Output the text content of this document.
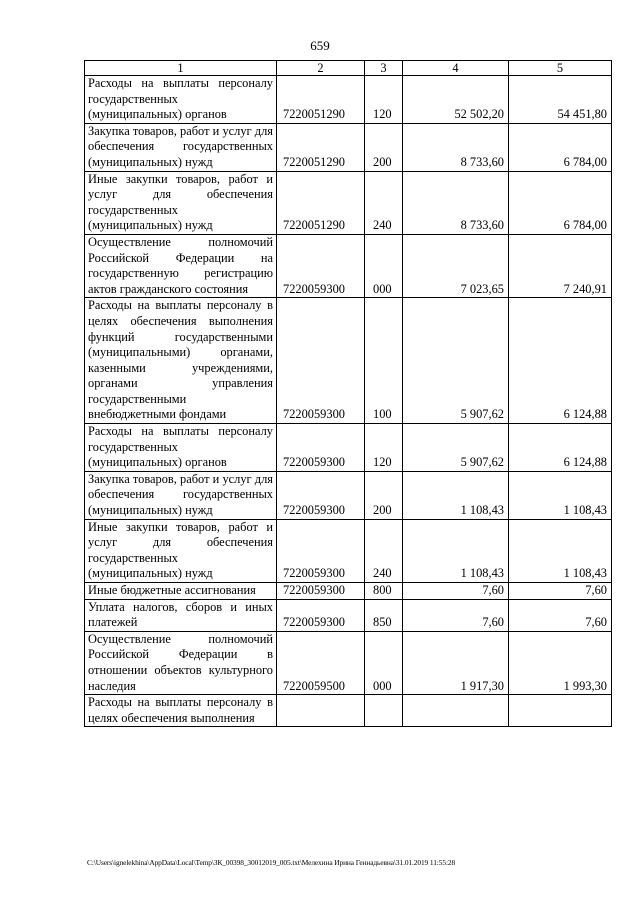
659
1	2	3	4	5
Расходы на выплаты персоналу государственных (муниципальных) органов	7220051290	120	52 502,20	54 451,80
Закупка товаров, работ и услуг для обеспечения государственных (муниципальных) нужд	7220051290	200	8 733,60	6 784,00
Иные закупки товаров, работ и услуг для обеспечения государственных (муниципальных) нужд	7220051290	240	8 733,60	6 784,00
Осуществление полномочий Российской Федерации на государственную регистрацию актов гражданского состояния	7220059300	000	7 023,65	7 240,91
Расходы на выплаты персоналу в целях обеспечения выполнения функций государственными (муниципальными) органами, казенными учреждениями, органами управления государственными внебюджетными фондами	7220059300	100	5 907,62	6 124,88
Расходы на выплаты персоналу государственных (муниципальных) органов	7220059300	120	5 907,62	6 124,88
Закупка товаров, работ и услуг для обеспечения государственных (муниципальных) нужд	7220059300	200	1 108,43	1 108,43
Иные закупки товаров, работ и услуг для обеспечения государственных (муниципальных) нужд	7220059300	240	1 108,43	1 108,43
Иные бюджетные ассигнования	7220059300	800	7,60	7,60
Уплата налогов, сборов и иных платежей	7220059300	850	7,60	7,60
Осуществление полномочий Российской Федерации в отношении объектов культурного наследия	7220059500	000	1 917,30	1 993,30
Расходы на выплаты персоналу в целях обеспечения выполнения				
C:\Users\ignelekhina\AppData\Local\Temp\ЗК_00398_30012019_005.txt\Мелехина Ирина Геннадьевна\31.01.2019 11:55:28
